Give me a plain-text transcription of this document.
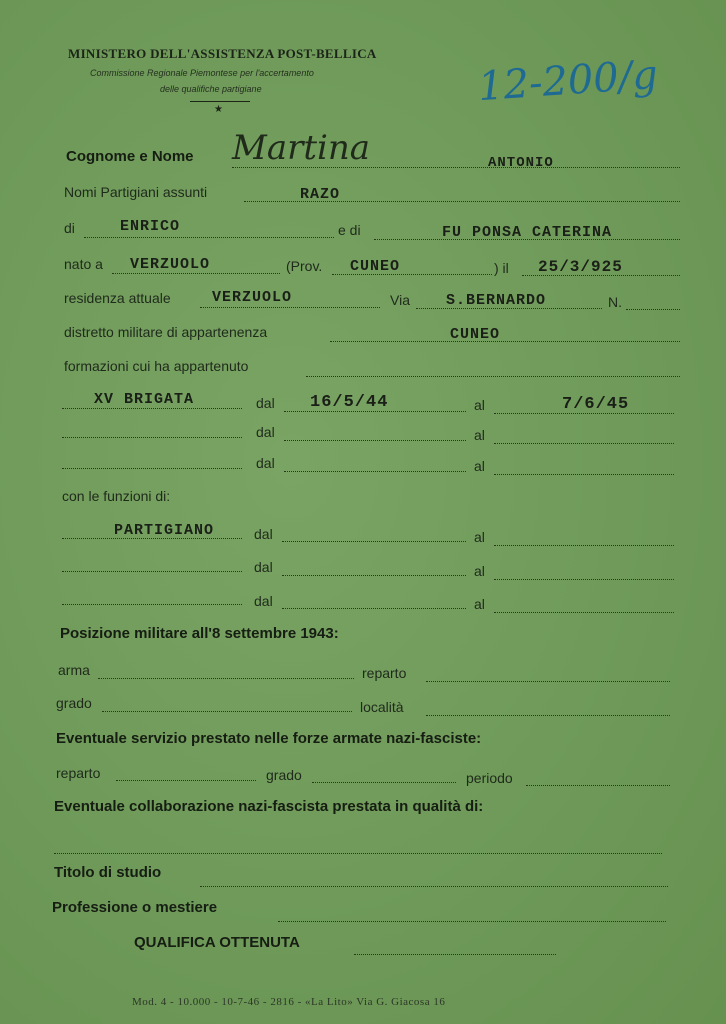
MINISTERO DELL'ASSISTENZA POST-BELLICA
Commissione Regionale Piemontese per l'accertamento
delle qualifiche partigiane
★	12-200/g
Cognome e Nome Martina	ANTONIO
Nomi Partigiani assunti	RAZO
di	ENRICO	e di	FU PONSA CATERINA
nato a VERZUOLO	(Prov. CUNEO	) il 25/3/925
residenza attuale	VERZUOLO	Via S.BERNARDO	N.
distretto militare di appartenenza	CUNEO
formazioni cui ha appartenuto
XV BRIGATA	dal 16/5/44	al	7/6/45
dal	al
dal	al
con le funzioni di:
PARTIGIANO	dal	al
dal	al
dal	al
Posizione militare all'8 settembre 1943:
arma	reparto
grado	località
Eventuale servizio prestato nelle forze armate nazi-fasciste:
reparto	grado	periodo
Eventuale collaborazione nazi-fascista prestata in qualità di:
Titolo di studio
Professione o mestiere
QUALIFICA OTTENUTA
Mod. 4 - 10.000 - 10-7-46 - 2816 - «La Lito» Via G. Giacosa 16
